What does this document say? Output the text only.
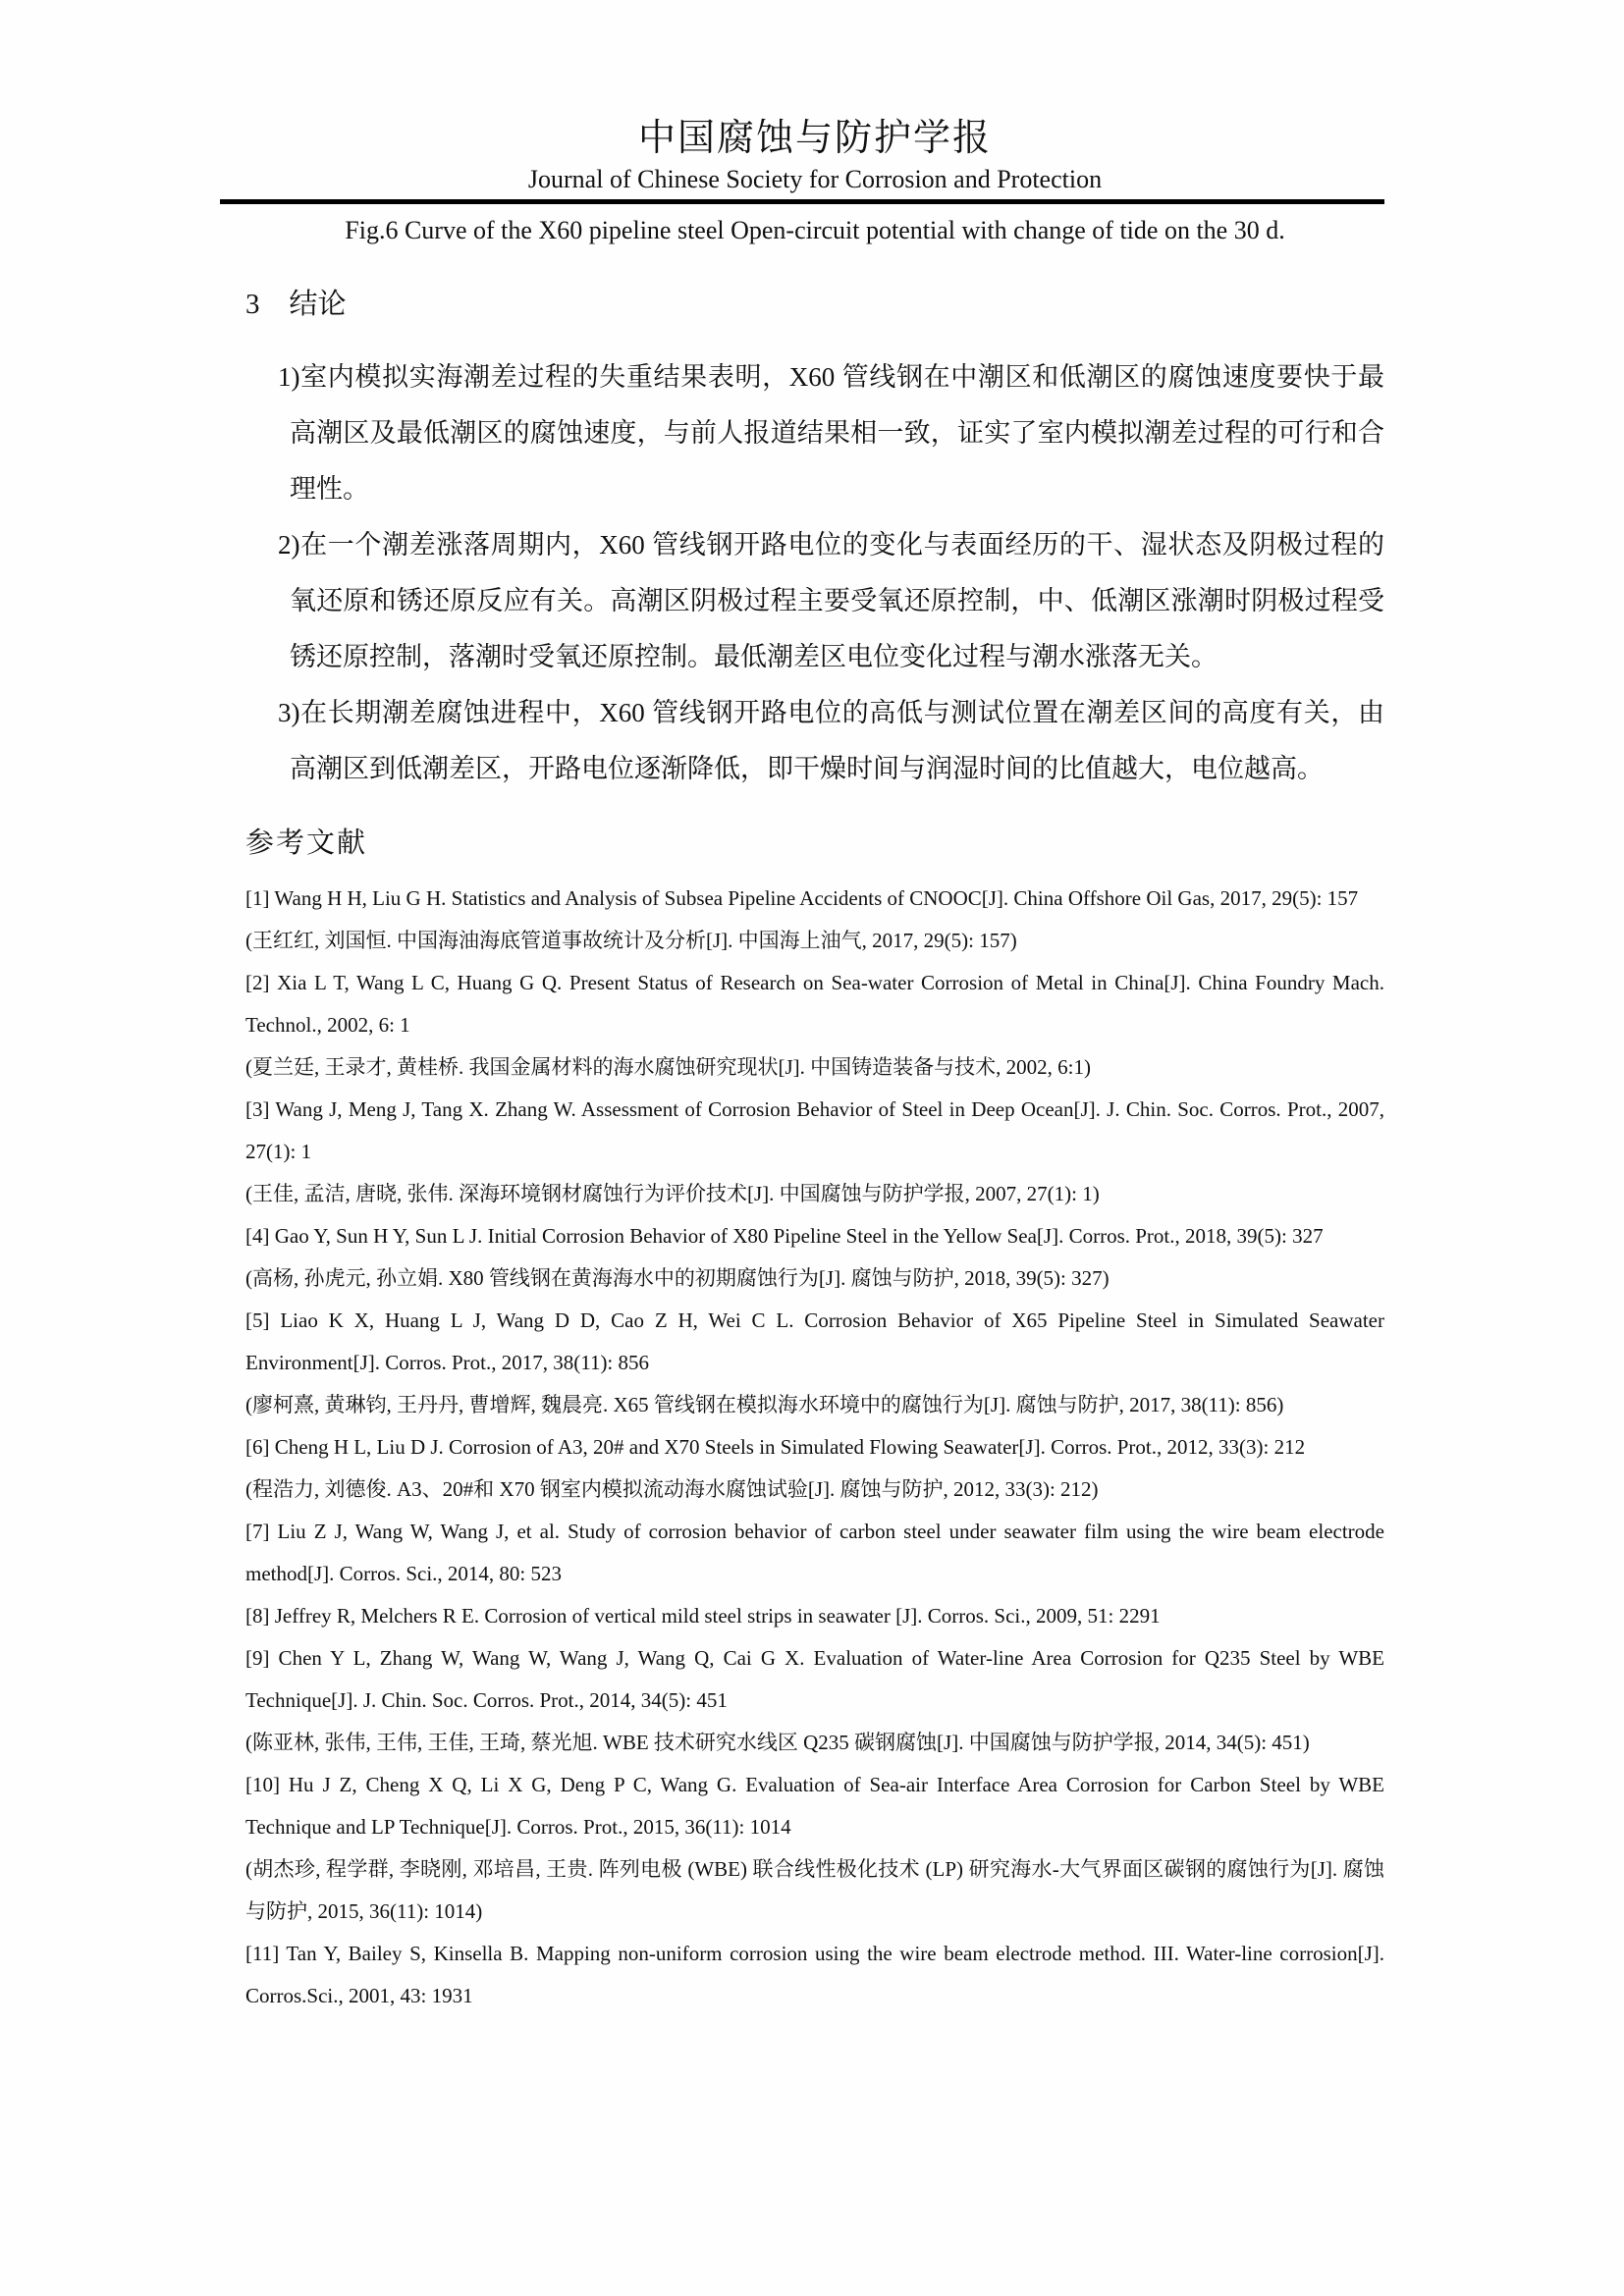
中国腐蚀与防护学报
Journal of Chinese Society for Corrosion and Protection
Fig.6 Curve of the X60 pipeline steel Open-circuit potential with change of tide on the 30 d.
3 结论

1)室内模拟实海潮差过程的失重结果表明，X60 管线钢在中潮区和低潮区的腐蚀速度要快于最高潮区及最低潮区的腐蚀速度，与前人报道结果相一致，证实了室内模拟潮差过程的可行和合理性。

2)在一个潮差涨落周期内，X60 管线钢开路电位的变化与表面经历的干、湿状态及阴极过程的氧还原和锈还原反应有关。高潮区阴极过程主要受氧还原控制，中、低潮区涨潮时阴极过程受锈还原控制，落潮时受氧还原控制。最低潮差区电位变化过程与潮水涨落无关。

3)在长期潮差腐蚀进程中，X60 管线钢开路电位的高低与测试位置在潮差区间的高度有关，由高潮区到低潮差区，开路电位逐渐降低，即干燥时间与润湿时间的比值越大，电位越高。

参考文献

[1] Wang H H, Liu G H. Statistics and Analysis of Subsea Pipeline Accidents of CNOOC[J]. China Offshore Oil Gas, 2017, 29(5): 157

(王红红, 刘国恒. 中国海油海底管道事故统计及分析[J]. 中国海上油气, 2017, 29(5): 157)

[2] Xia L T, Wang L C, Huang G Q. Present Status of Research on Sea-water Corrosion of Metal in China[J]. China Foundry Mach. Technol., 2002, 6: 1

(夏兰廷, 王录才, 黄桂桥. 我国金属材料的海水腐蚀研究现状[J]. 中国铸造装备与技术, 2002, 6:1)

[3] Wang J, Meng J, Tang X. Zhang W. Assessment of Corrosion Behavior of Steel in Deep Ocean[J]. J. Chin. Soc. Corros. Prot., 2007, 27(1): 1

(王佳, 孟洁, 唐晓, 张伟. 深海环境钢材腐蚀行为评价技术[J]. 中国腐蚀与防护学报, 2007, 27(1): 1)

[4] Gao Y, Sun H Y, Sun L J. Initial Corrosion Behavior of X80 Pipeline Steel in the Yellow Sea[J]. Corros. Prot., 2018, 39(5): 327

(高杨, 孙虎元, 孙立娟. X80 管线钢在黄海海水中的初期腐蚀行为[J]. 腐蚀与防护, 2018, 39(5): 327)

[5] Liao K X, Huang L J, Wang D D, Cao Z H, Wei C L. Corrosion Behavior of X65 Pipeline Steel in Simulated Seawater Environment[J]. Corros. Prot., 2017, 38(11): 856

(廖柯熹, 黄琳钧, 王丹丹, 曹增辉, 魏晨亮. X65 管线钢在模拟海水环境中的腐蚀行为[J]. 腐蚀与防护, 2017, 38(11): 856)

[6] Cheng H L, Liu D J. Corrosion of A3, 20# and X70 Steels in Simulated Flowing Seawater[J]. Corros. Prot., 2012, 33(3): 212

(程浩力, 刘德俊. A3、20#和 X70 钢室内模拟流动海水腐蚀试验[J]. 腐蚀与防护, 2012, 33(3): 212)

[7] Liu Z J, Wang W, Wang J, et al. Study of corrosion behavior of carbon steel under seawater film using the wire beam electrode method[J]. Corros. Sci., 2014, 80: 523

[8] Jeffrey R, Melchers R E. Corrosion of vertical mild steel strips in seawater [J]. Corros. Sci., 2009, 51: 2291

[9] Chen Y L, Zhang W, Wang W, Wang J, Wang Q, Cai G X. Evaluation of Water-line Area Corrosion for Q235 Steel by WBE Technique[J]. J. Chin. Soc. Corros. Prot., 2014, 34(5): 451

(陈亚林, 张伟, 王伟, 王佳, 王琦, 蔡光旭. WBE 技术研究水线区 Q235 碳钢腐蚀[J]. 中国腐蚀与防护学报, 2014, 34(5): 451)

[10] Hu J Z, Cheng X Q, Li X G, Deng P C, Wang G. Evaluation of Sea-air Interface Area Corrosion for Carbon Steel by WBE Technique and LP Technique[J]. Corros. Prot., 2015, 36(11): 1014

(胡杰珍, 程学群, 李晓刚, 邓培昌, 王贵. 阵列电极 (WBE) 联合线性极化技术 (LP) 研究海水-大气界面区碳钢的腐蚀行为[J]. 腐蚀与防护, 2015, 36(11): 1014)

[11] Tan Y, Bailey S, Kinsella B. Mapping non-uniform corrosion using the wire beam electrode method. III. Water-line corrosion[J]. Corros.Sci., 2001, 43: 1931
